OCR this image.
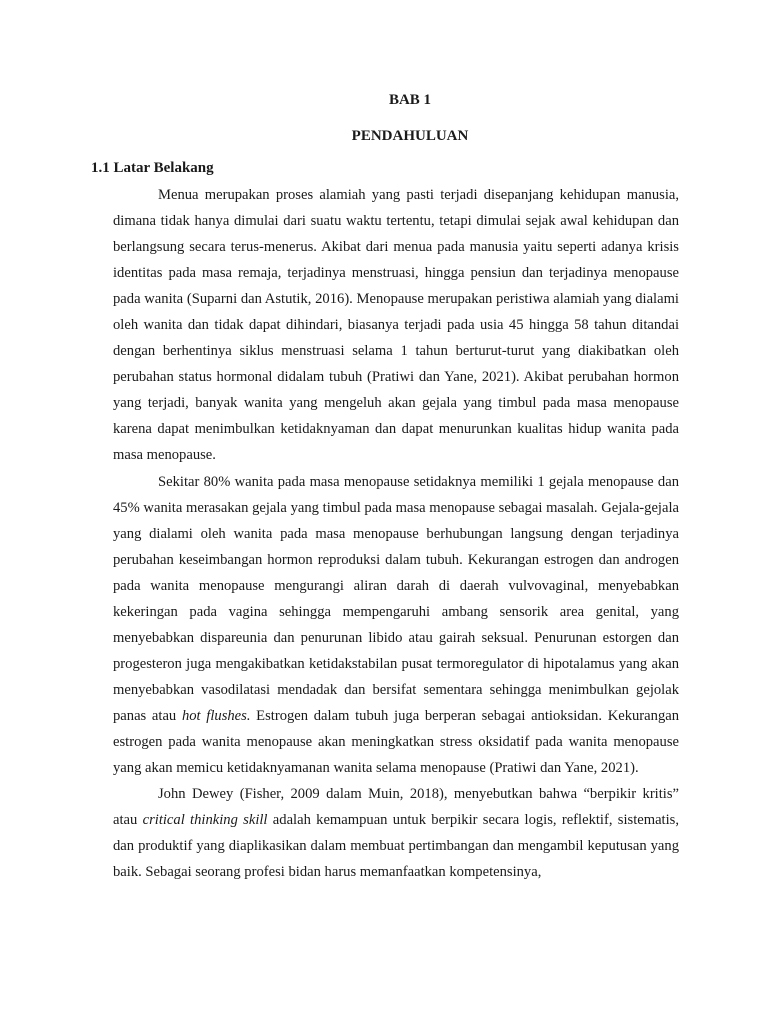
BAB 1
PENDAHULUAN
1.1 Latar Belakang

Menua merupakan proses alamiah yang pasti terjadi disepanjang kehidupan manusia, dimana tidak hanya dimulai dari suatu waktu tertentu, tetapi dimulai sejak awal kehidupan dan berlangsung secara terus-menerus. Akibat dari menua pada manusia yaitu seperti adanya krisis identitas pada masa remaja, terjadinya menstruasi, hingga pensiun dan terjadinya menopause pada wanita (Suparni dan Astutik, 2016). Menopause merupakan peristiwa alamiah yang dialami oleh wanita dan tidak dapat dihindari, biasanya terjadi pada usia 45 hingga 58 tahun ditandai dengan berhentinya siklus menstruasi selama 1 tahun berturut-turut yang diakibatkan oleh perubahan status hormonal didalam tubuh (Pratiwi dan Yane, 2021). Akibat perubahan hormon yang terjadi, banyak wanita yang mengeluh akan gejala yang timbul pada masa menopause karena dapat menimbulkan ketidaknyaman dan dapat menurunkan kualitas hidup wanita pada masa menopause.

Sekitar 80% wanita pada masa menopause setidaknya memiliki 1 gejala menopause dan 45% wanita merasakan gejala yang timbul pada masa menopause sebagai masalah. Gejala-gejala yang dialami oleh wanita pada masa menopause berhubungan langsung dengan terjadinya perubahan keseimbangan hormon reproduksi dalam tubuh. Kekurangan estrogen dan androgen pada wanita menopause mengurangi aliran darah di daerah vulvovaginal, menyebabkan kekeringan pada vagina sehingga mempengaruhi ambang sensorik area genital, yang menyebabkan dispareunia dan penurunan libido atau gairah seksual. Penurunan estorgen dan progesteron juga mengakibatkan ketidakstabilan pusat termoregulator di hipotalamus yang akan menyebabkan vasodilatasi mendadak dan bersifat sementara sehingga menimbulkan gejolak panas atau hot flushes. Estrogen dalam tubuh juga berperan sebagai antioksidan. Kekurangan estrogen pada wanita menopause akan meningkatkan stress oksidatif pada wanita menopause yang akan memicu ketidaknyamanan wanita selama menopause (Pratiwi dan Yane, 2021).

John Dewey (Fisher, 2009 dalam Muin, 2018), menyebutkan bahwa “berpikir kritis” atau critical thinking skill adalah kemampuan untuk berpikir secara logis, reflektif, sistematis, dan produktif yang diaplikasikan dalam membuat pertimbangan dan mengambil keputusan yang baik. Sebagai seorang profesi bidan harus memanfaatkan kompetensinya,
